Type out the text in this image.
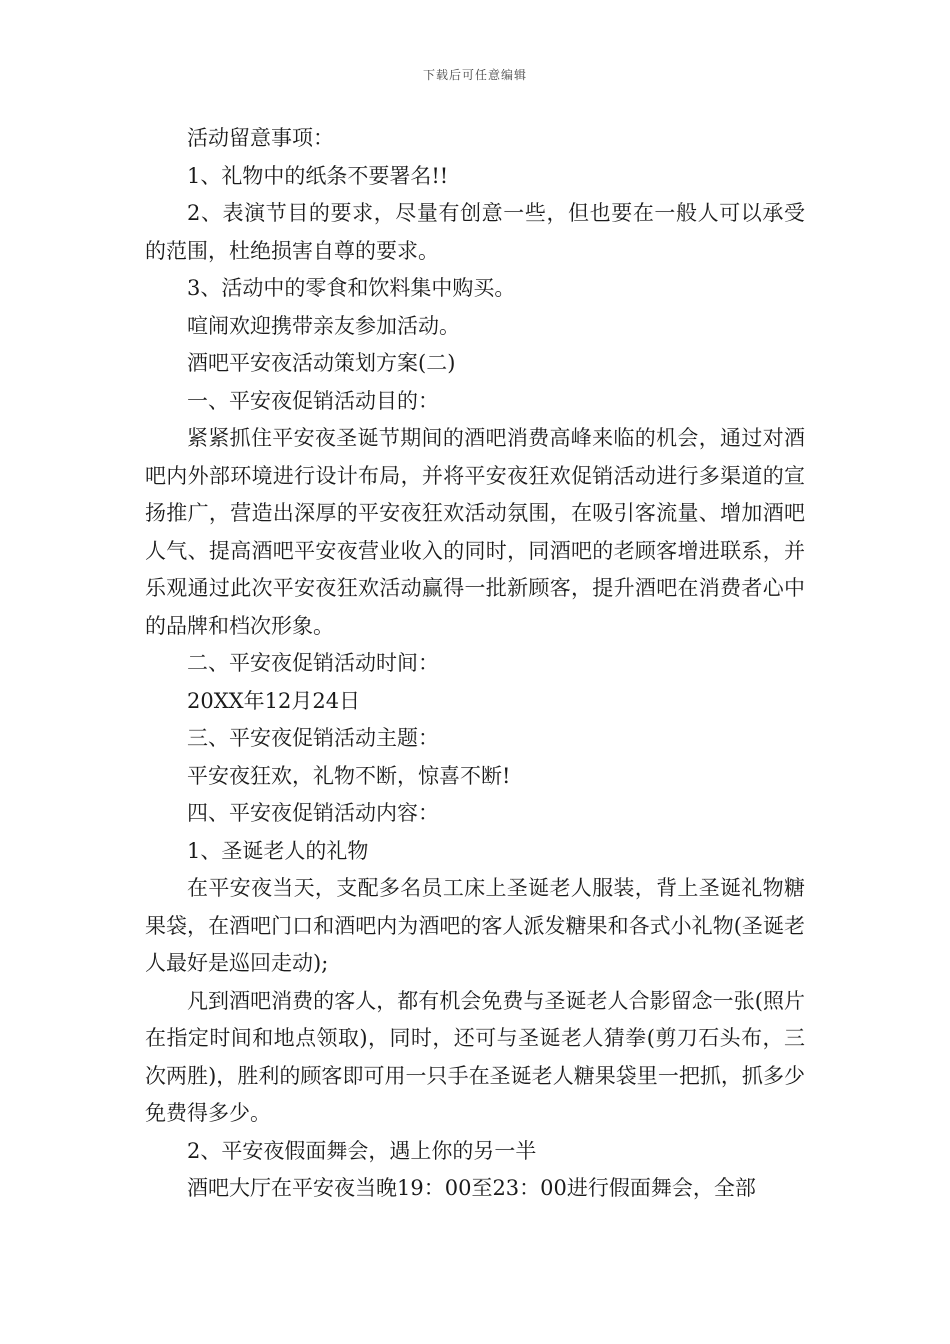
下载后可任意编辑

活动留意事项：

1、礼物中的纸条不要署名!!

2、表演节目的要求，尽量有创意一些，但也要在一般人可以承受的范围，杜绝损害自尊的要求。

3、活动中的零食和饮料集中购买。

喧闹欢迎携带亲友参加活动。

酒吧平安夜活动策划方案(二)

一、平安夜促销活动目的：

紧紧抓住平安夜圣诞节期间的酒吧消费高峰来临的机会，通过对酒吧内外部环境进行设计布局，并将平安夜狂欢促销活动进行多渠道的宣扬推广，营造出深厚的平安夜狂欢活动氛围，在吸引客流量、增加酒吧人气、提高酒吧平安夜营业收入的同时，同酒吧的老顾客增进联系，并乐观通过此次平安夜狂欢活动赢得一批新顾客，提升酒吧在消费者心中的品牌和档次形象。

二、平安夜促销活动时间：

20XX年12月24日

三、平安夜促销活动主题：

平安夜狂欢，礼物不断，惊喜不断!

四、平安夜促销活动内容：

1、圣诞老人的礼物

在平安夜当天，支配多名员工床上圣诞老人服装，背上圣诞礼物糖果袋，在酒吧门口和酒吧内为酒吧的客人派发糖果和各式小礼物(圣诞老人最好是巡回走动);

凡到酒吧消费的客人，都有机会免费与圣诞老人合影留念一张(照片在指定时间和地点领取)，同时，还可与圣诞老人猜拳(剪刀石头布，三次两胜)，胜利的顾客即可用一只手在圣诞老人糖果袋里一把抓，抓多少免费得多少。

2、平安夜假面舞会，遇上你的另一半

酒吧大厅在平安夜当晚19：00至23：00进行假面舞会，全部
